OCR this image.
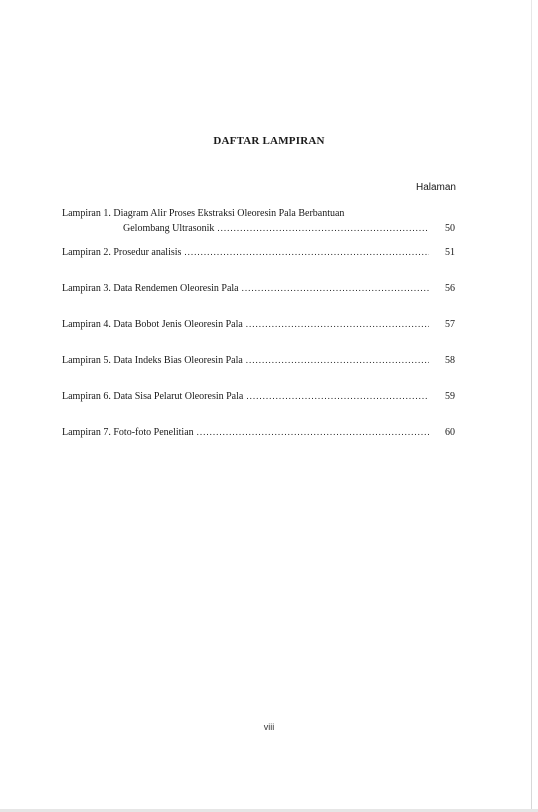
DAFTAR LAMPIRAN
Halaman
Lampiran 1. Diagram Alir Proses Ekstraksi Oleoresin Pala Berbantuan
Gelombang Ultrasonik .....	50
Lampiran 2. Prosedur analisis .....	51
Lampiran 3. Data Rendemen Oleoresin Pala .....	56
Lampiran 4. Data Bobot Jenis Oleoresin Pala .....	57
Lampiran 5. Data Indeks Bias Oleoresin Pala .....	58
Lampiran 6. Data Sisa Pelarut Oleoresin Pala .....	59
Lampiran 7. Foto-foto Penelitian .....	60
viii
